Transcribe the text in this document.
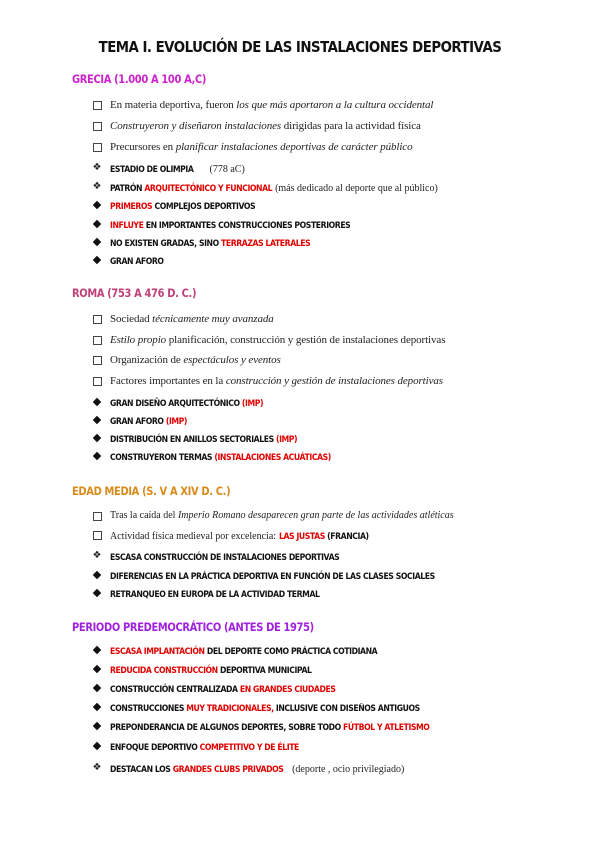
TEMA I. EVOLUCIÓN DE LAS INSTALACIONES DEPORTIVAS
GRECIA (1.000 A 100 A,C)
En materia deportiva, fueron los que más aportaron a la cultura occidental
Construyeron y diseñaron instalaciones dirigidas para la actividad física
Precursores en planificar instalaciones deportivas de carácter público
❖ ESTADIO DE OLIMPIA (778 aC)
❖ PATRÓN ARQUITECTÓNICO Y FUNCIONAL (más dedicado al deporte que al público)
PRIMEROS COMPLEJOS DEPORTIVOS
INFLUYE EN IMPORTANTES CONSTRUCCIONES POSTERIORES
NO EXISTEN GRADAS, SINO TERRAZAS LATERALES
GRAN AFORO
ROMA (753 A 476 D. C.)
Sociedad técnicamente muy avanzada
Estilo propio planificación, construcción y gestión de instalaciones deportivas
Organización de espectáculos y eventos
Factores importantes en la construcción y gestión de instalaciones deportivas
GRAN DISEÑO ARQUITECTÓNICO (IMP)
GRAN AFORO (IMP)
DISTRIBUCIÓN EN ANILLOS SECTORIALES (IMP)
CONSTRUYERON TERMAS (INSTALACIONES ACUÁTICAS)
EDAD MEDIA (S. V A XIV D. C.)
Tras la caída del Imperio Romano desaparecen gran parte de las actividades atléticas
Actividad física medieval por excelencia: LAS JUSTAS (FRANCIA)
❖ ESCASA CONSTRUCCIÓN DE INSTALACIONES DEPORTIVAS
DIFERENCIAS EN LA PRÁCTICA DEPORTIVA EN FUNCIÓN DE LAS CLASES SOCIALES
RETRANQUEO EN EUROPA DE LA ACTIVIDAD TERMAL
PERIODO PREDEMOCRÁTICO (ANTES DE 1975)
ESCASA IMPLANTACIÓN DEL DEPORTE COMO PRÁCTICA COTIDIANA
REDUCIDA CONSTRUCCIÓN DEPORTIVA MUNICIPAL
CONSTRUCCIÓN CENTRALIZADA EN GRANDES CIUDADES
CONSTRUCCIONES MUY TRADICIONALES, INCLUSIVE CON DISEÑOS ANTIGUOS
PREPONDERANCIA DE ALGUNOS DEPORTES, SOBRE TODO FÚTBOL Y ATLETISMO
ENFOQUE DEPORTIVO COMPETITIVO Y DE ÉLITE
❖ DESTACAN LOS GRANDES CLUBS PRIVADOS (deporte , ocio privilegiado)
